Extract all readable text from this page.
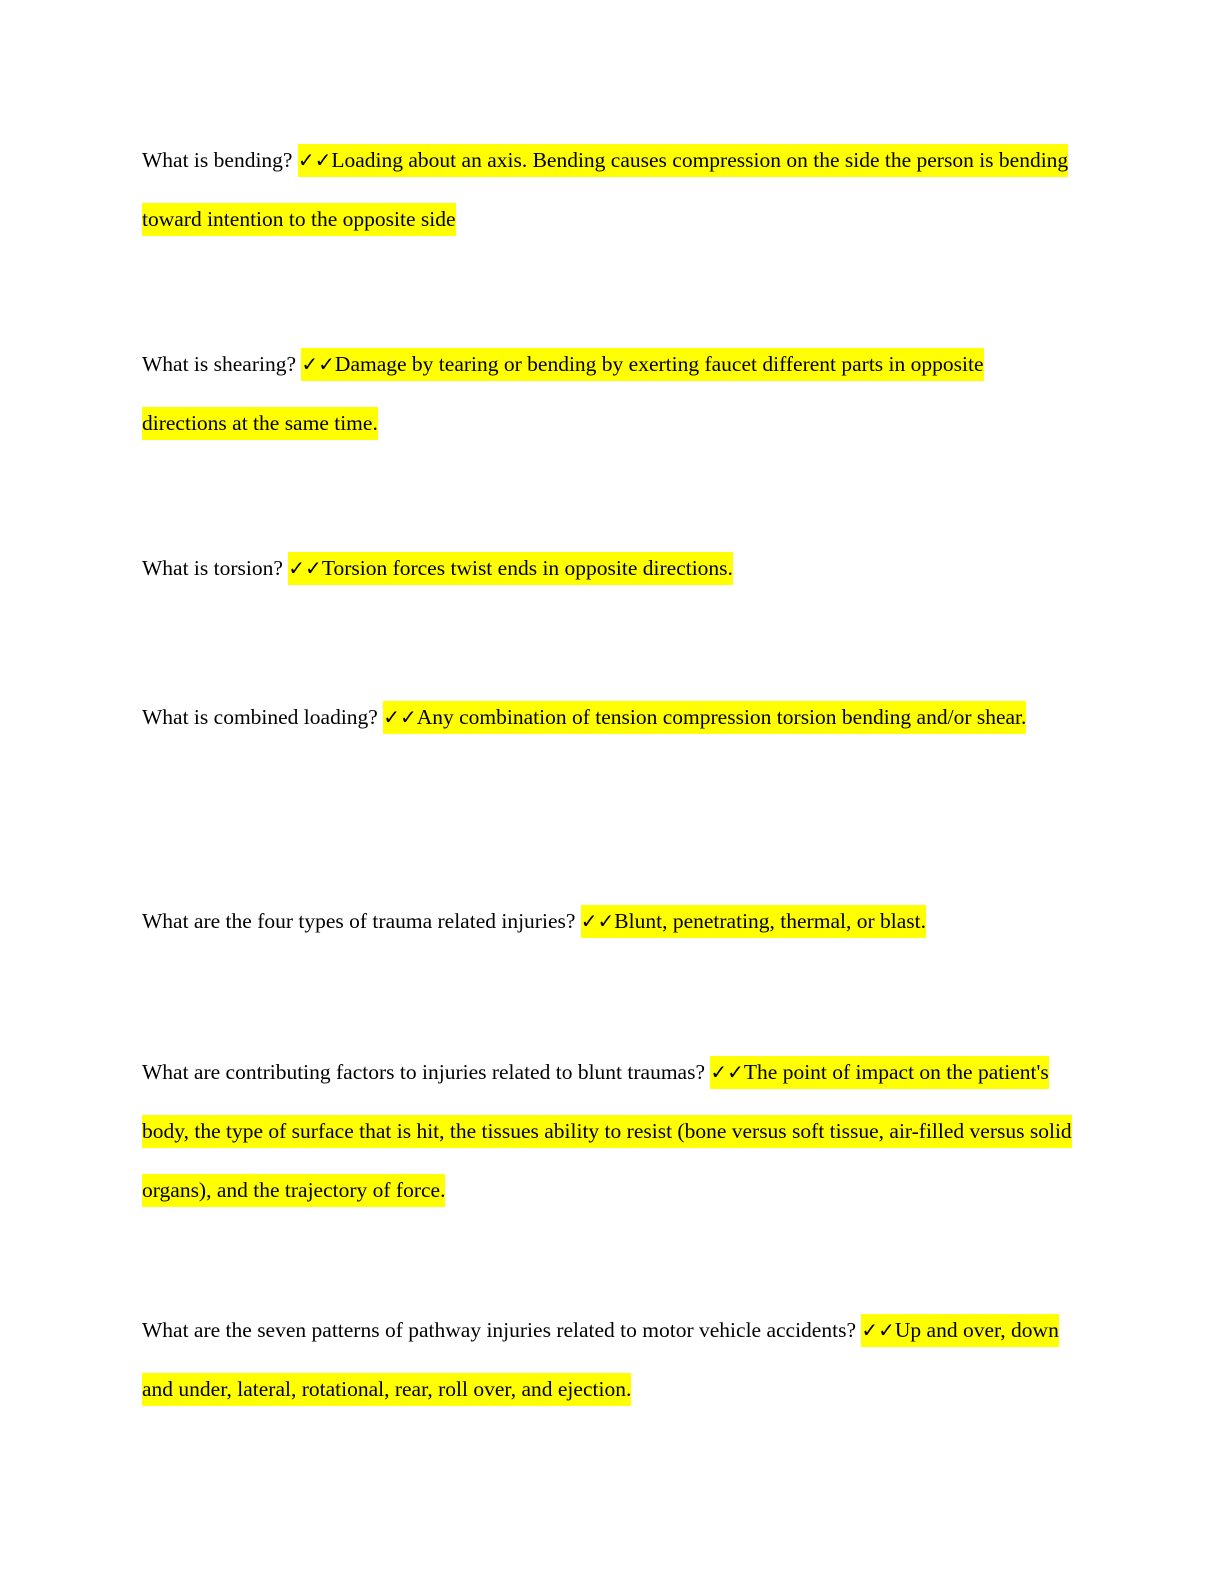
What is bending? ✓✓Loading about an axis. Bending causes compression on the side the person is bending toward intention to the opposite side

What is shearing? ✓✓Damage by tearing or bending by exerting faucet different parts in opposite directions at the same time.

What is torsion? ✓✓Torsion forces twist ends in opposite directions.

What is combined loading? ✓✓Any combination of tension compression torsion bending and/or shear.

What are the four types of trauma related injuries? ✓✓Blunt, penetrating, thermal, or blast.

What are contributing factors to injuries related to blunt traumas? ✓✓The point of impact on the patient's body, the type of surface that is hit, the tissues ability to resist (bone versus soft tissue, air-filled versus solid organs), and the trajectory of force.

What are the seven patterns of pathway injuries related to motor vehicle accidents? ✓✓Up and over, down and under, lateral, rotational, rear, roll over, and ejection.
